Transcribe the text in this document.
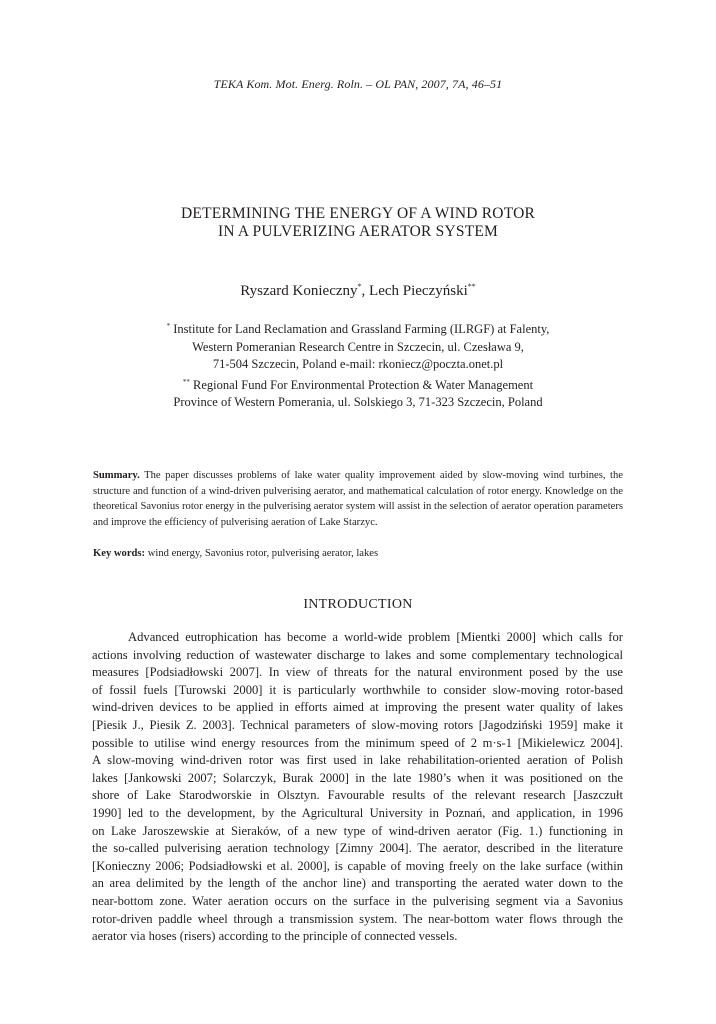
TEKA Kom. Mot. Energ. Roln. – OL PAN, 2007, 7A, 46–51
DETERMINING THE ENERGY OF A WIND ROTOR
IN A PULVERIZING AERATOR SYSTEM
Ryszard Konieczny*, Lech Pieczyński**
* Institute for Land Reclamation and Grassland Farming (ILRGF) at Falenty,
Western Pomeranian Research Centre in Szczecin, ul. Czesława 9,
71-504 Szczecin, Poland e-mail: rkoniecz@poczta.onet.pl
** Regional Fund For Environmental Protection & Water Management
Province of Western Pomerania, ul. Solskiego 3, 71-323 Szczecin, Poland
Summary. The paper discusses problems of lake water quality improvement aided by slow-moving wind turbines, the structure and function of a wind-driven pulverising aerator, and mathematical calculation of rotor energy. Knowledge on the theoretical Savonius rotor energy in the pulverising aerator system will assist in the selection of aerator operation parameters and improve the efficiency of pulverising aeration of Lake Starzyc.
Key words: wind energy, Savonius rotor, pulverising aerator, lakes
INTRODUCTION
Advanced eutrophication has become a world-wide problem [Mientki 2000] which calls for
actions involving reduction of wastewater discharge to lakes and some complementary technological
measures [Podsiadłowski 2007]. In view of threats for the natural environment posed by the use
of fossil fuels [Turowski 2000] it is particularly worthwhile to consider slow-moving rotor-based
wind-driven devices to be applied in efforts aimed at improving the present water quality of lakes
[Piesik J., Piesik Z. 2003]. Technical parameters of slow-moving rotors [Jagodziński 1959] make it
possible to utilise wind energy resources from the minimum speed of 2 m·s-1 [Mikielewicz 2004].
A slow-moving wind-driven rotor was first used in lake rehabilitation-oriented aeration of Polish
lakes [Jankowski 2007; Solarczyk, Burak 2000] in the late 1980’s when it was positioned on the
shore of Lake Starodworskie in Olsztyn. Favourable results of the relevant research [Jaszczułt
1990] led to the development, by the Agricultural University in Poznań, and application, in 1996
on Lake Jaroszewskie at Sieraków, of a new type of wind-driven aerator (Fig. 1.) functioning in
the so-called pulverising aeration technology [Zimny 2004]. The aerator, described in the literature
[Konieczny 2006; Podsiadłowski et al. 2000], is capable of moving freely on the lake surface (within
an area delimited by the length of the anchor line) and transporting the aerated water down to the
near-bottom zone. Water aeration occurs on the surface in the pulverising segment via a Savonius
rotor-driven paddle wheel through a transmission system. The near-bottom water flows through the
aerator via hoses (risers) according to the principle of connected vessels.
